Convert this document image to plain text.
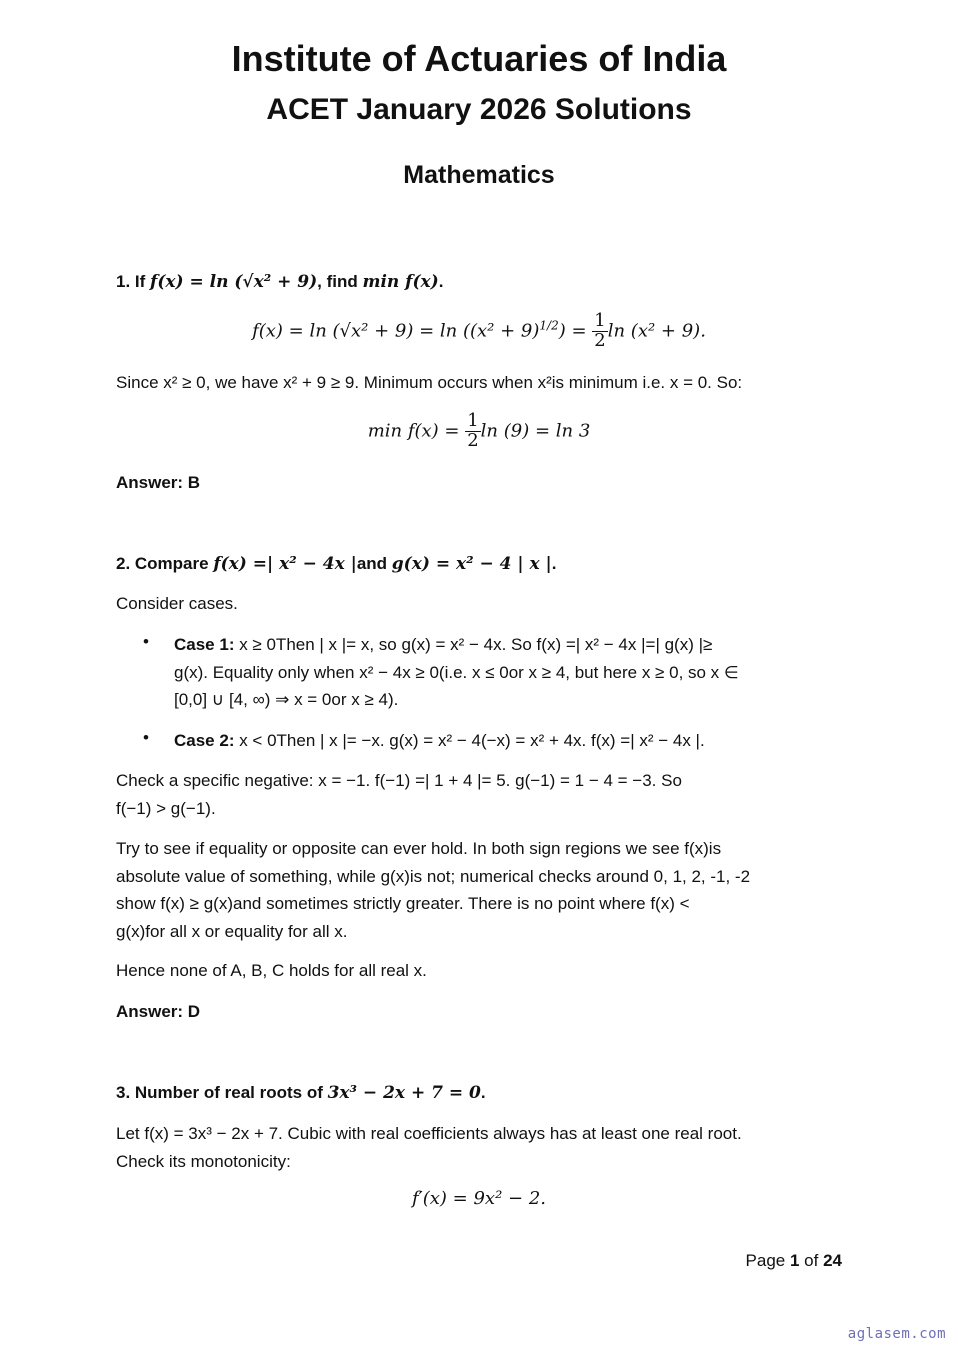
Institute of Actuaries of India
ACET January 2026 Solutions
Mathematics
1. If f(x) = ln (√x² + 9), find min f(x).
$f(x) = \ln (√x^2 + 9) = \ln ((x^2 + 9)^{1/2}) = \frac{1}{2}$ ln (x² + 9).
Since x² ≥ 0, we have x² + 9 ≥ 9. Minimum occurs when x²is minimum i.e. x = 0. So:
$\min f(x) = \frac{1}{2}$ ln (9) = ln 3
Answer: B
2. Compare f(x) =| x² − 4x |and g(x) = x² − 4 | x |.
Consider cases.
• Case 1: x ≥ 0Then | x |= x, so g(x) = x² − 4x. So f(x) =| x² − 4x |=| g(x) |≥
g(x). Equality only when x² − 4x ≥ 0(i.e. x ≤ 0or x ≥ 4, but here x ≥ 0, so x ∈
[0,0] ∪ [4, ∞) ⇒ x = 0or x ≥ 4).
• Case 2: x < 0Then | x |= −x. g(x) = x² − 4(−x) = x² + 4x. f(x) =| x² − 4x |.
Check a specific negative: x = −1. f(−1) =| 1 + 4 |= 5. g(−1) = 1 − 4 = −3. So
f(−1) > g(−1).
Try to see if equality or opposite can ever hold. In both sign regions we see f(x)is
absolute value of something, while g(x)is not; numerical checks around 0, 1, 2, -1, -2
show f(x) ≥ g(x)and sometimes strictly greater. There is no point where f(x) <
g(x)for all x or equality for all x.
Hence none of A, B, C holds for all real x.
Answer: D
3. Number of real roots of 3x³ − 2x + 7 = 0.
Let f(x) = 3x³ − 2x + 7. Cubic with real coefficients always has at least one real root.
Check its monotonicity:
f′(x) = 9x² − 2.
Page 1 of 24
aglasem.com
